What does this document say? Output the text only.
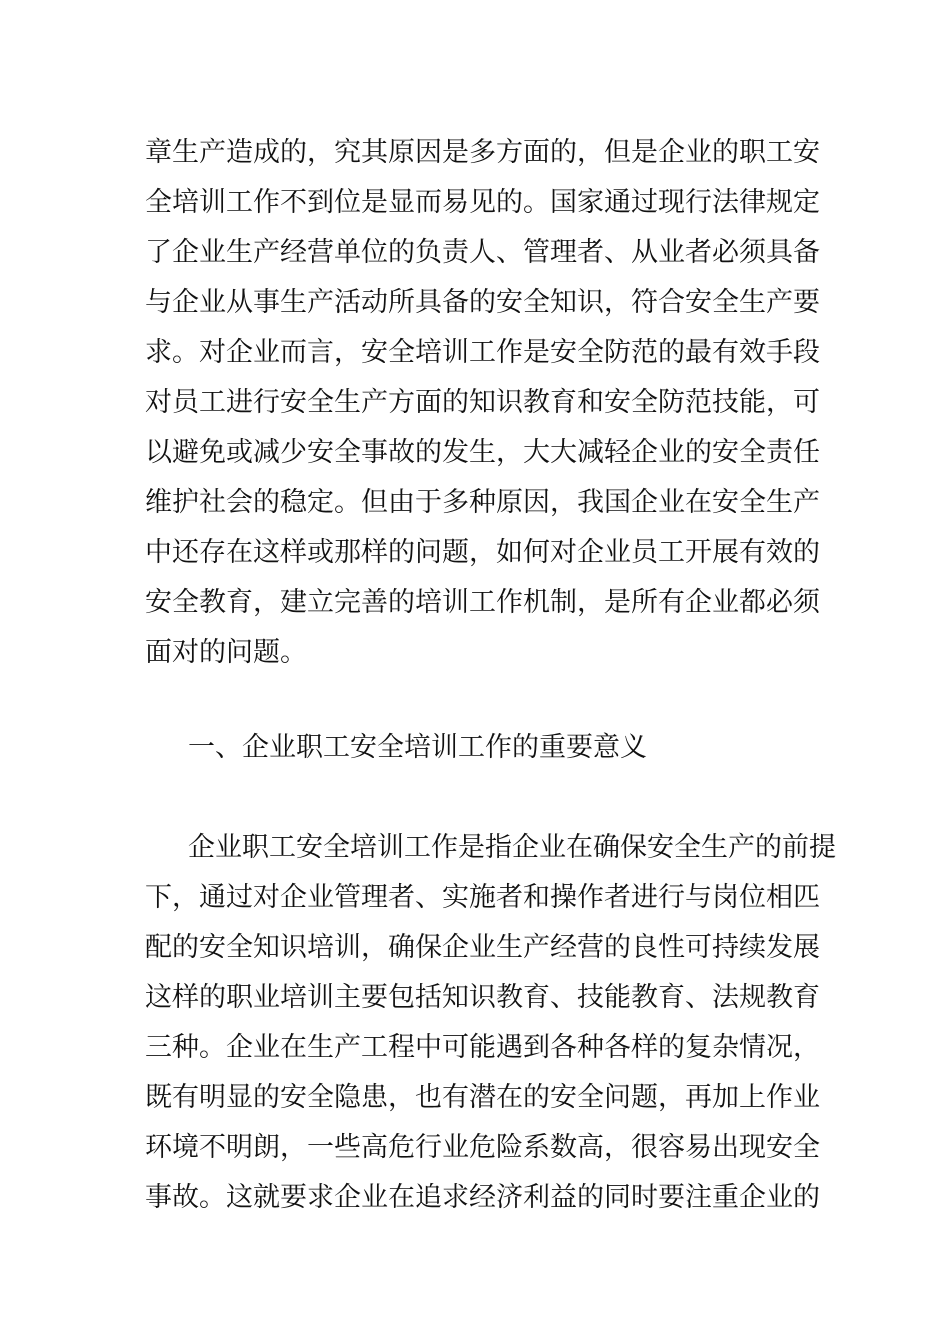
章生产造成的，究其原因是多方面的，但是企业的职工安
全培训工作不到位是显而易见的。国家通过现行法律规定
了企业生产经营单位的负责人、管理者、从业者必须具备
与企业从事生产活动所具备的安全知识，符合安全生产要
求。对企业而言，安全培训工作是安全防范的最有效手段
对员工进行安全生产方面的知识教育和安全防范技能，可
以避免或减少安全事故的发生，大大减轻企业的安全责任
维护社会的稳定。但由于多种原因，我国企业在安全生产
中还存在这样或那样的问题，如何对企业员工开展有效的
安全教育，建立完善的培训工作机制，是所有企业都必须
面对的问题。
一、企业职工安全培训工作的重要意义
企业职工安全培训工作是指企业在确保安全生产的前提
下，通过对企业管理者、实施者和操作者进行与岗位相匹
配的安全知识培训，确保企业生产经营的良性可持续发展
这样的职业培训主要包括知识教育、技能教育、法规教育
三种。企业在生产工程中可能遇到各种各样的复杂情况，
既有明显的安全隐患，也有潜在的安全问题，再加上作业
环境不明朗，一些高危行业危险系数高，很容易出现安全
事故。这就要求企业在追求经济利益的同时要注重企业的
